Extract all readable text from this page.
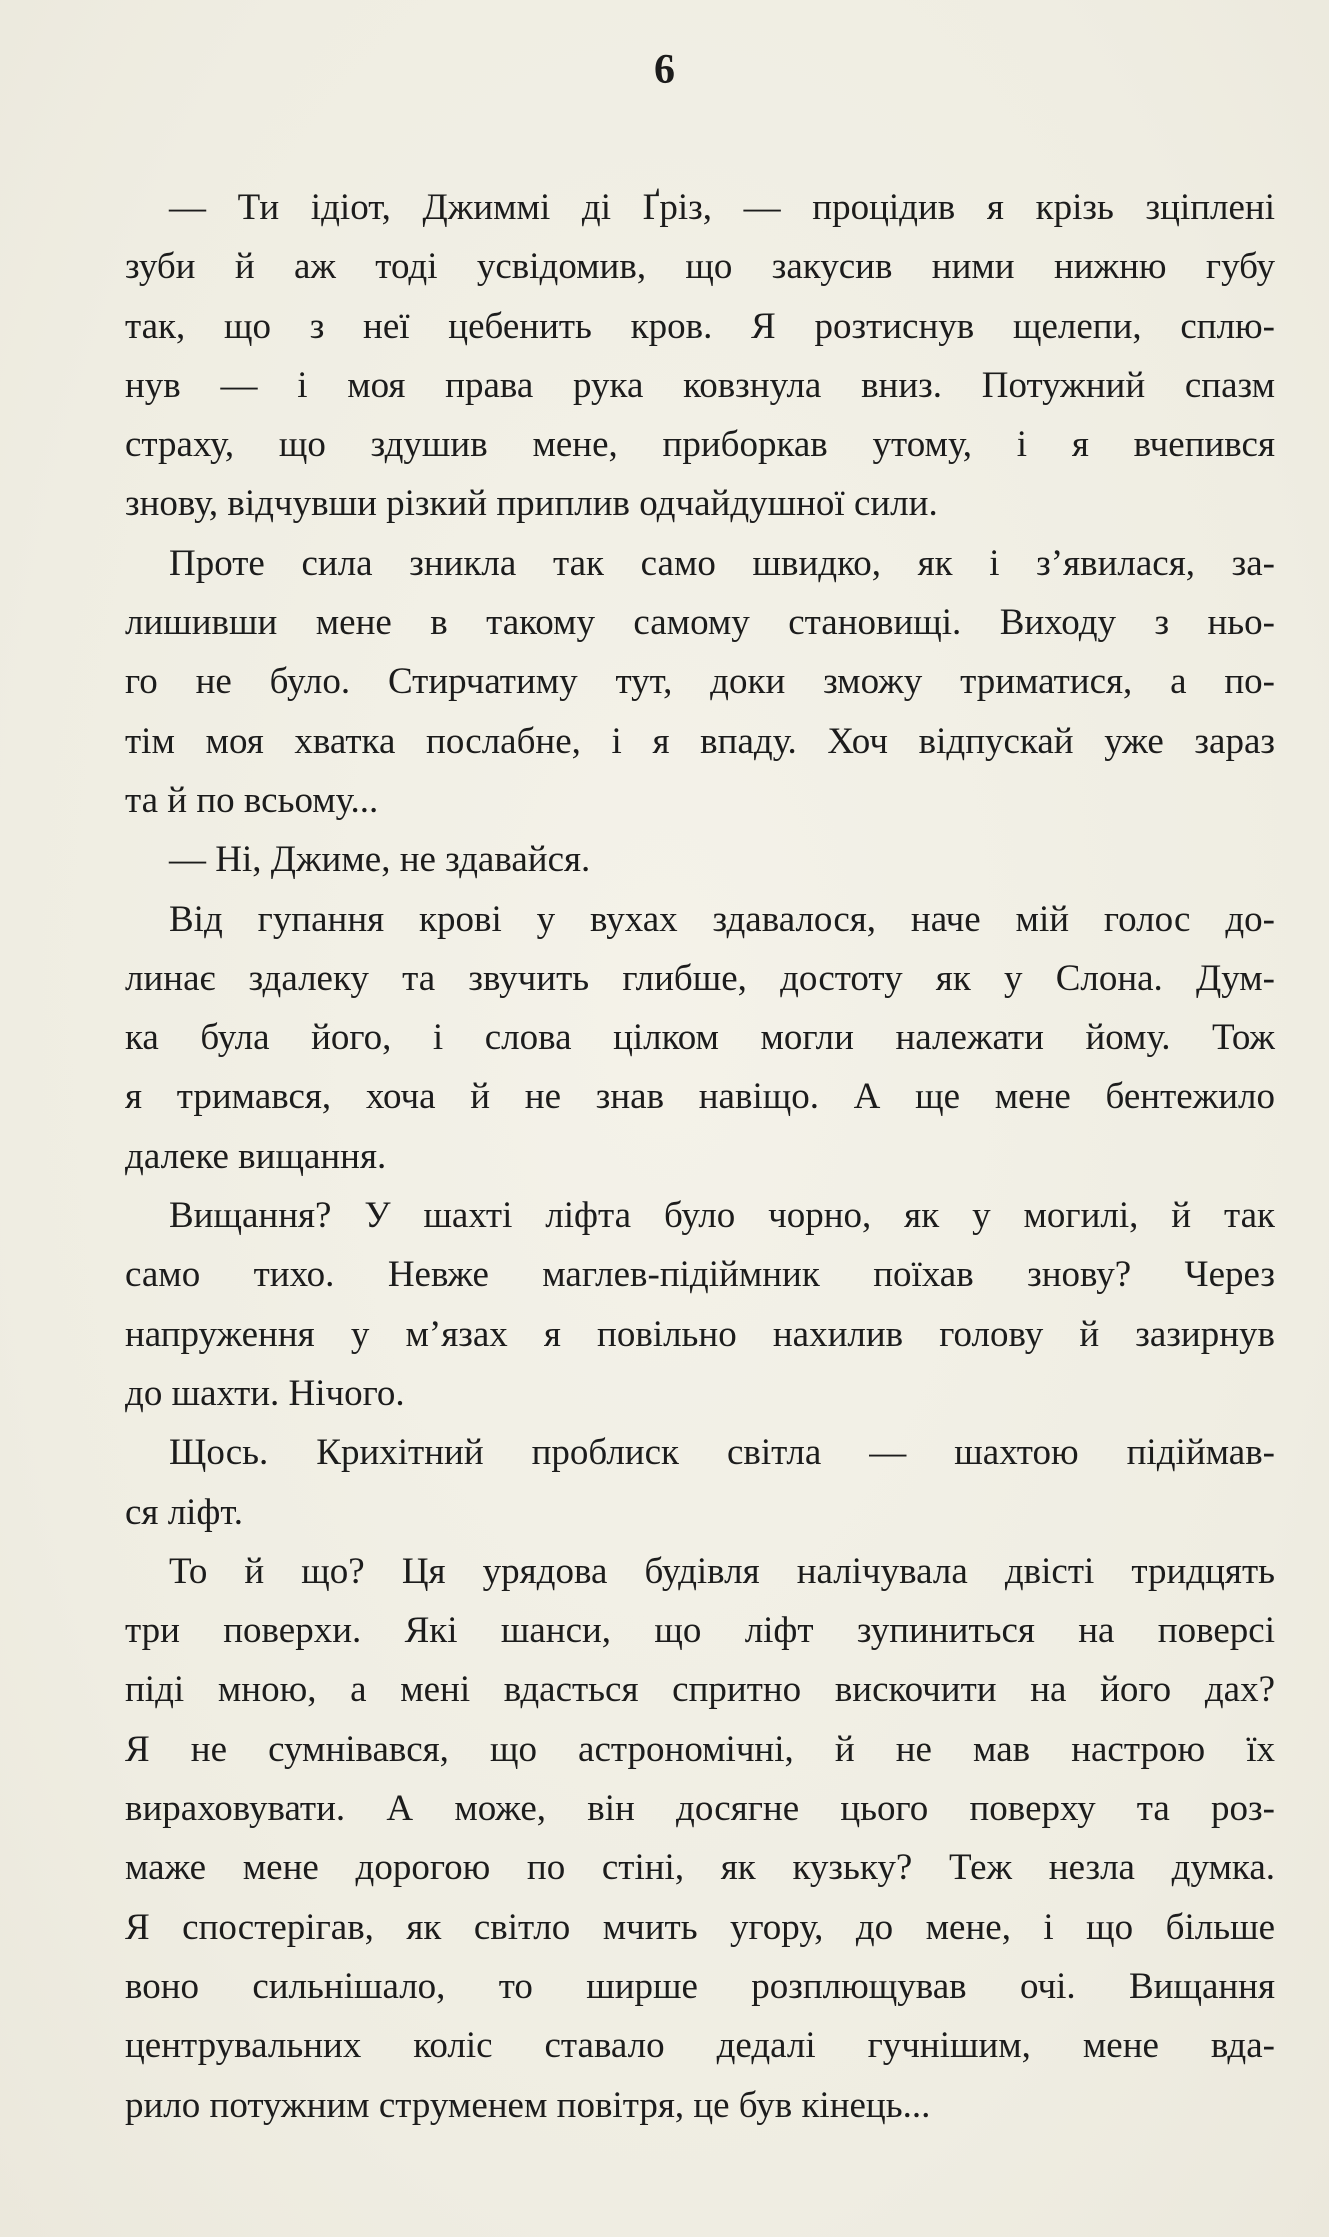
6
— Ти ідіот, Джиммі ді Ґріз, — процідив я крізь зціплені
зуби й аж тоді усвідомив, що закусив ними нижню губу
так, що з неї цебенить кров. Я розтиснув щелепи, сплю-
нув — і моя права рука ковзнула вниз. Потужний спазм
страху, що здушив мене, приборкав утому, і я вчепився
знову, відчувши різкий приплив одчайдушної сили.
Проте сила зникла так само швидко, як і з’явилася, за-
лишивши мене в такому самому становищі. Виходу з ньо-
го не було. Стирчатиму тут, доки зможу триматися, а по-
тім моя хватка послабне, і я впаду. Хоч відпускай уже зараз
та й по всьому...
— Ні, Джиме, не здавайся.
Від гупання крові у вухах здавалося, наче мій голос до-
линає здалеку та звучить глибше, достоту як у Слона. Дум-
ка була його, і слова цілком могли належати йому. Тож
я тримався, хоча й не знав навіщо. А ще мене бентежило
далеке вищання.
Вищання? У шахті ліфта було чорно, як у могилі, й так
само тихо. Невже маглев-підіймник поїхав знову? Через
напруження у м’язах я повільно нахилив голову й зазирнув
до шахти. Нічого.
Щось. Крихітний проблиск світла — шахтою підіймав-
ся ліфт.
То й що? Ця урядова будівля налічувала двісті тридцять
три поверхи. Які шанси, що ліфт зупиниться на поверсі
піді мною, а мені вдасться спритно вискочити на його дах?
Я не сумнівався, що астрономічні, й не мав настрою їх
вираховувати. А може, він досягне цього поверху та роз-
маже мене дорогою по стіні, як кузьку? Теж незла думка.
Я спостерігав, як світло мчить угору, до мене, і що більше
воно сильнішало, то ширше розплющував очі. Вищання
центрувальних коліс ставало дедалі гучнішим, мене вда-
рило потужним струменем повітря, це був кінець...
